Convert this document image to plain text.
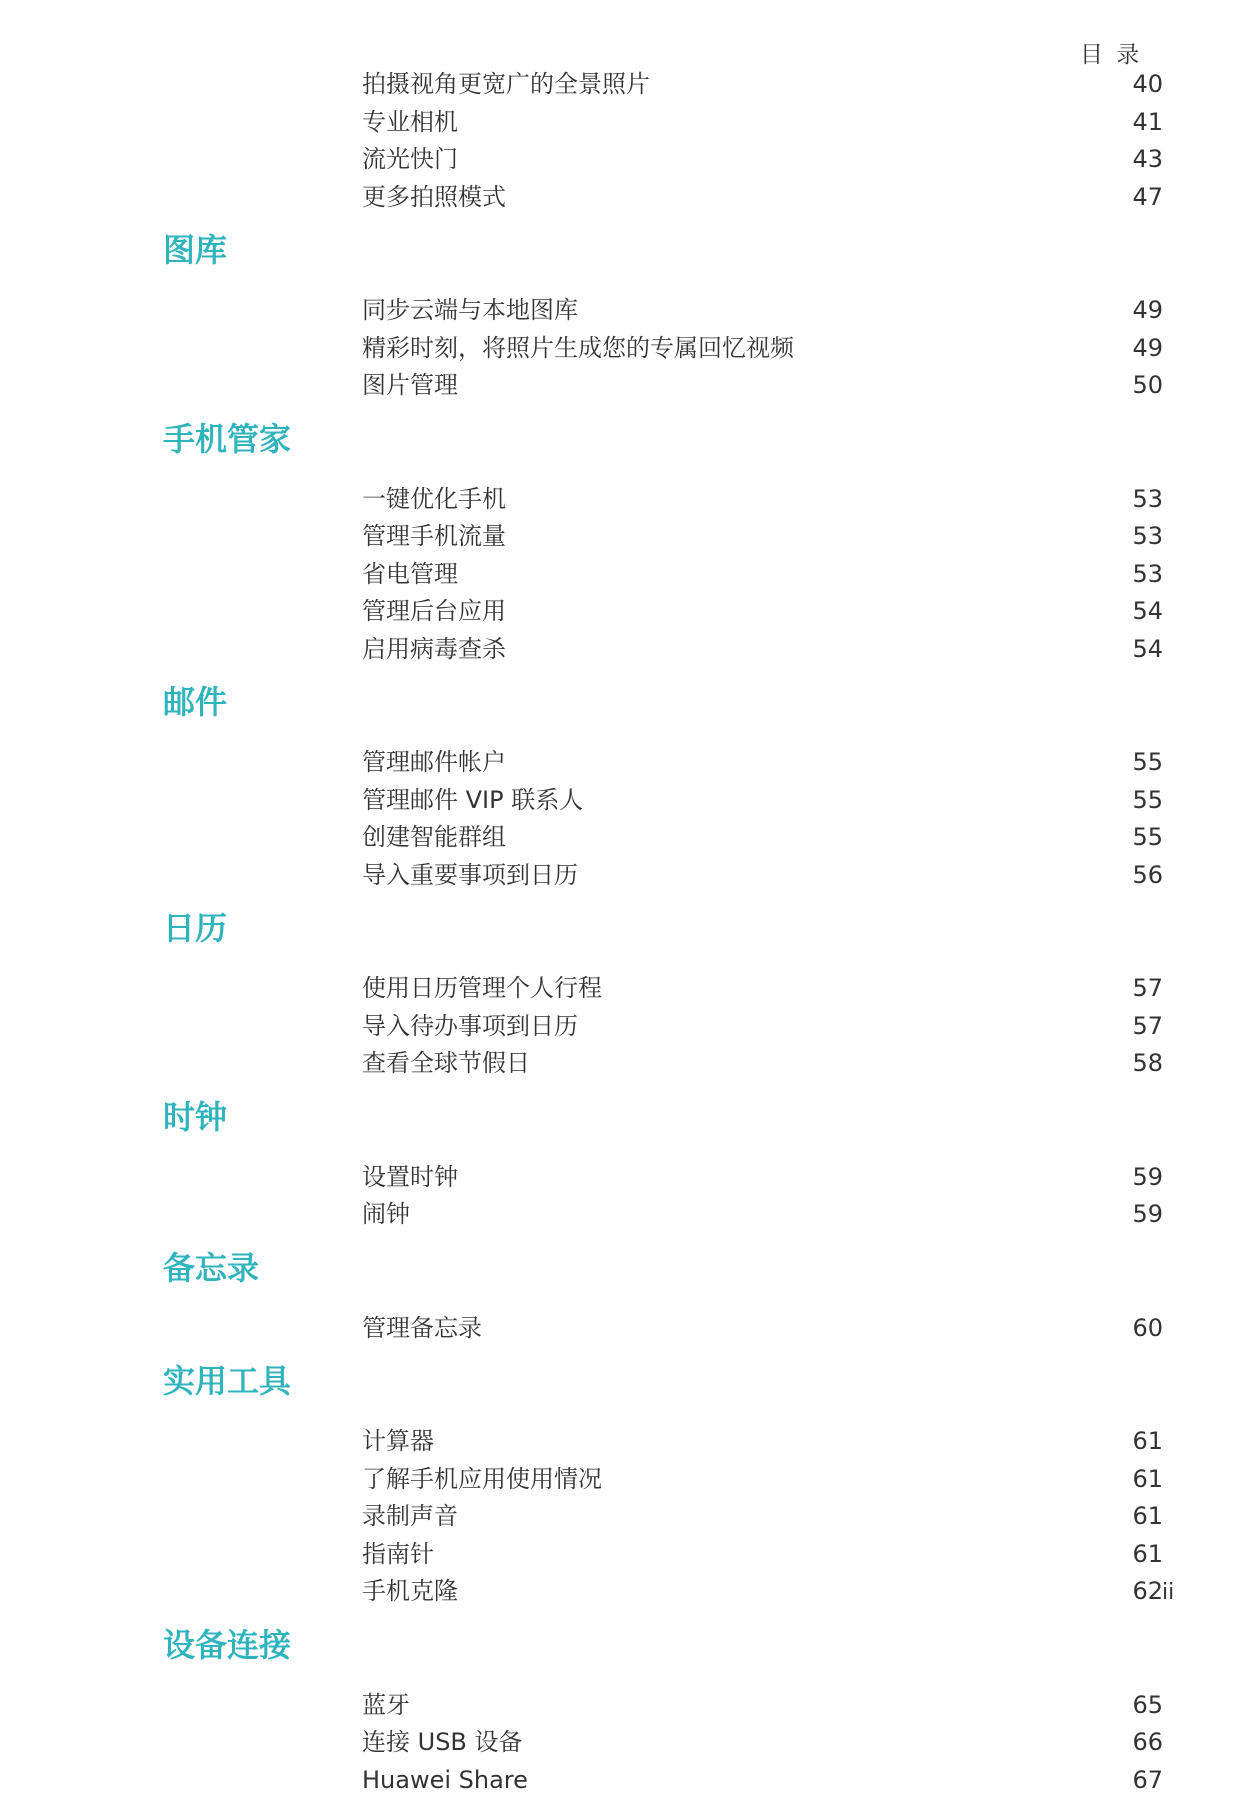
目 录
拍摄视角更宽广的全景照片	40
专业相机	41
流光快门	43
更多拍照模式	47
图库
同步云端与本地图库	49
精彩时刻，将照片生成您的专属回忆视频	49
图片管理	50
手机管家
一键优化手机	53
管理手机流量	53
省电管理	53
管理后台应用	54
启用病毒查杀	54
邮件
管理邮件帐户	55
管理邮件 VIP 联系人	55
创建智能群组	55
导入重要事项到日历	56
日历
使用日历管理个人行程	57
导入待办事项到日历	57
查看全球节假日	58
时钟
设置时钟	59
闹钟	59
备忘录
管理备忘录	60
实用工具
计算器	61
了解手机应用使用情况	61
录制声音	61
指南针	61
手机克隆	62
设备连接
蓝牙	65
连接 USB 设备	66
Huawei Share	67
ii
